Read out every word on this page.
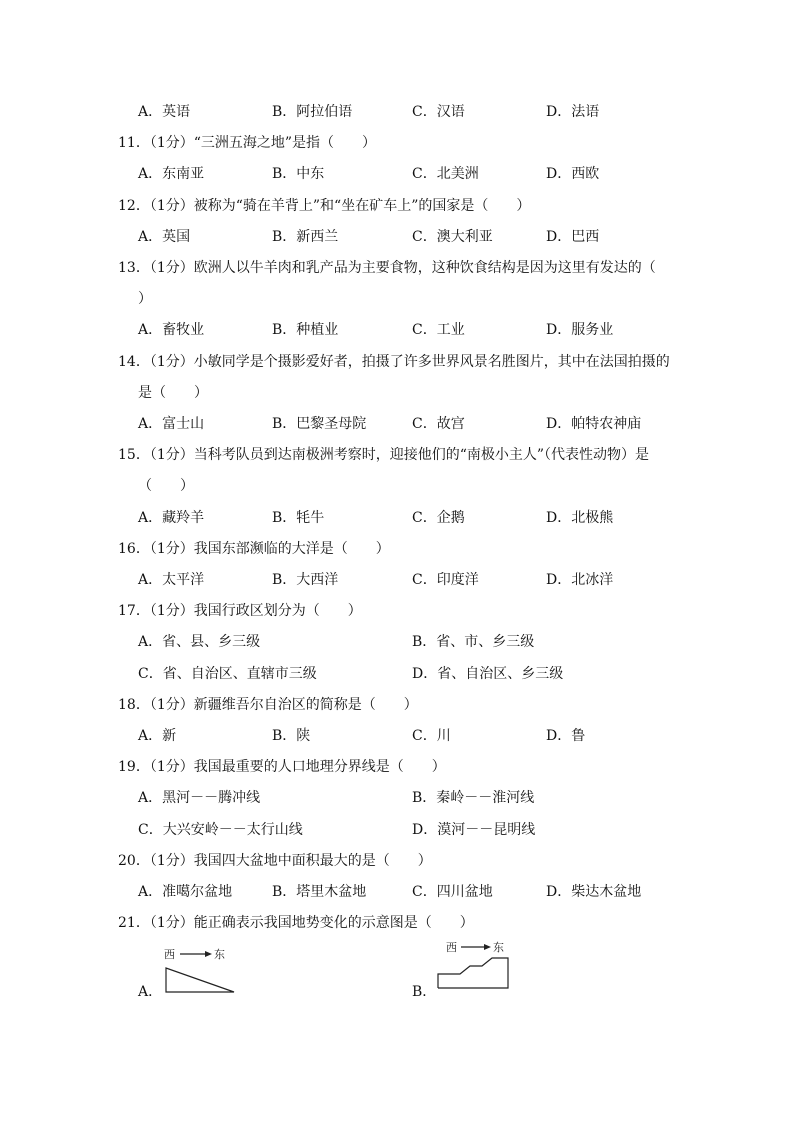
A．英语	B．阿拉伯语	C．汉语	D．法语
11．（1分）“三洲五海之地”是指（　　）
A．东南亚	B．中东	C．北美洲	D．西欧
12．（1分）被称为“骑在羊背上”和“坐在矿车上”的国家是（　　）
A．英国	B．新西兰	C．澳大利亚	D．巴西
13．（1分）欧洲人以牛羊肉和乳产品为主要食物，这种饮食结构是因为这里有发达的（
）
A．畜牧业	B．种植业	C．工业	D．服务业
14．（1分）小敏同学是个摄影爱好者，拍摄了许多世界风景名胜图片，其中在法国拍摄的
是（　　）
A．富士山	B．巴黎圣母院	C．故宫	D．帕特农神庙
15．（1分）当科考队员到达南极洲考察时，迎接他们的“南极小主人”（代表性动物）是
（　　）
A．藏羚羊	B．牦牛	C．企鹅	D．北极熊
16．（1分）我国东部濒临的大洋是（　　）
A．太平洋	B．大西洋	C．印度洋	D．北冰洋
17．（1分）我国行政区划分为（　　）
A．省、县、乡三级	B．省、市、乡三级
C．省、自治区、直辖市三级	D．省、自治区、乡三级
18．（1分）新疆维吾尔自治区的简称是（　　）
A．新	B．陕	C．川	D．鲁
19．（1分）我国最重要的人口地理分界线是（　　）
A．黑河－－腾冲线	B．秦岭－－淮河线
C．大兴安岭－－太行山线	D．漠河－－昆明线
20．（1分）我国四大盆地中面积最大的是（　　）
A．准噶尔盆地	B．塔里木盆地	C．四川盆地	D．柴达木盆地
21．（1分）能正确表示我国地势变化的示意图是（　　）
A．	B．
西	东
西	东
